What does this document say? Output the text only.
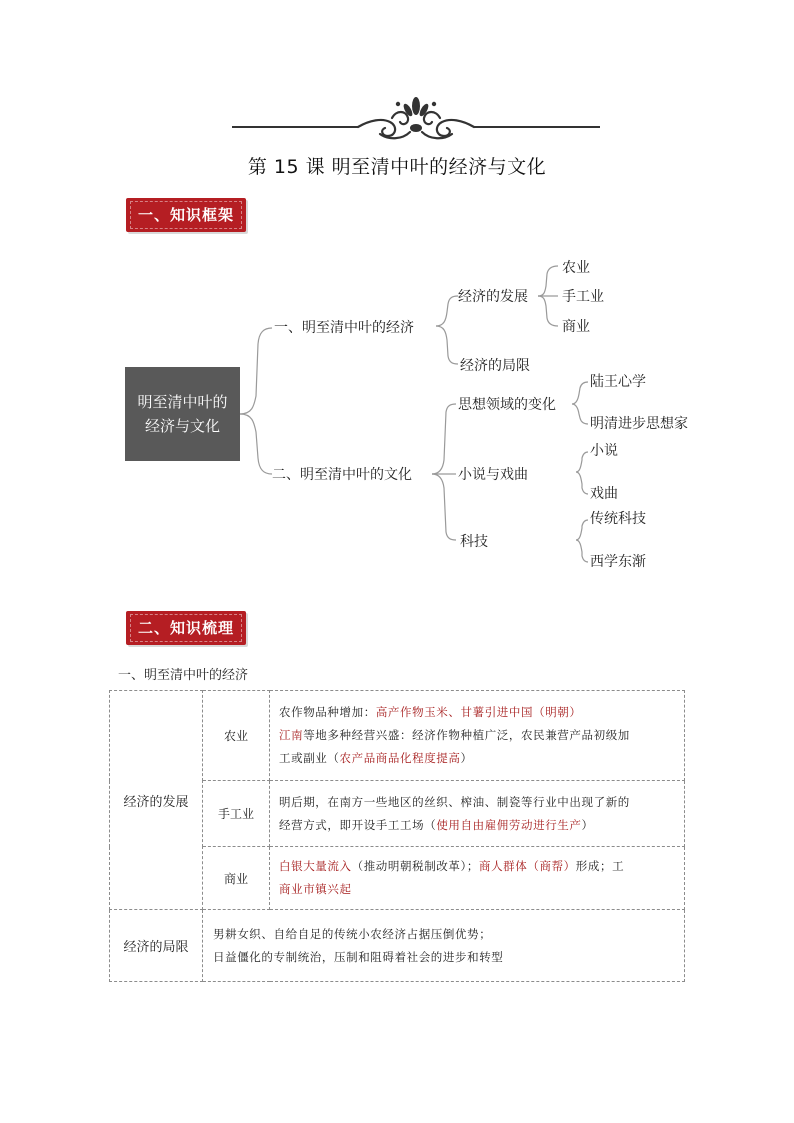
第 15 课 明至清中叶的经济与文化
一、知识框架
明至清中叶的
经济与文化
一、明至清中叶的经济
二、明至清中叶的文化
经济的发展
经济的局限
农业
手工业
商业
思想领域的变化
小说与戏曲
科技
陆王心学
明清进步思想家
小说
戏曲
传统科技
西学东渐
二、知识梳理
一、明至清中叶的经济
经济的发展	农业	农作物品种增加：高产作物玉米、甘薯引进中国（明朝）
江南等地多种经营兴盛：经济作物种植广泛，农民兼营产品初级加
工或副业（农产品商品化程度提高）

	手工业	明后期，在南方一些地区的丝织、榨油、制瓷等行业中出现了新的
经营方式，即开设手工工场（使用自由雇佣劳动进行生产）

	商业	白银大量流入（推动明朝税制改革）；商人群体（商帮）形成；工
商业市镇兴起

经济的局限	男耕女织、自给自足的传统小农经济占据压倒优势；
日益僵化的专制统治，压制和阻碍着社会的进步和转型	
